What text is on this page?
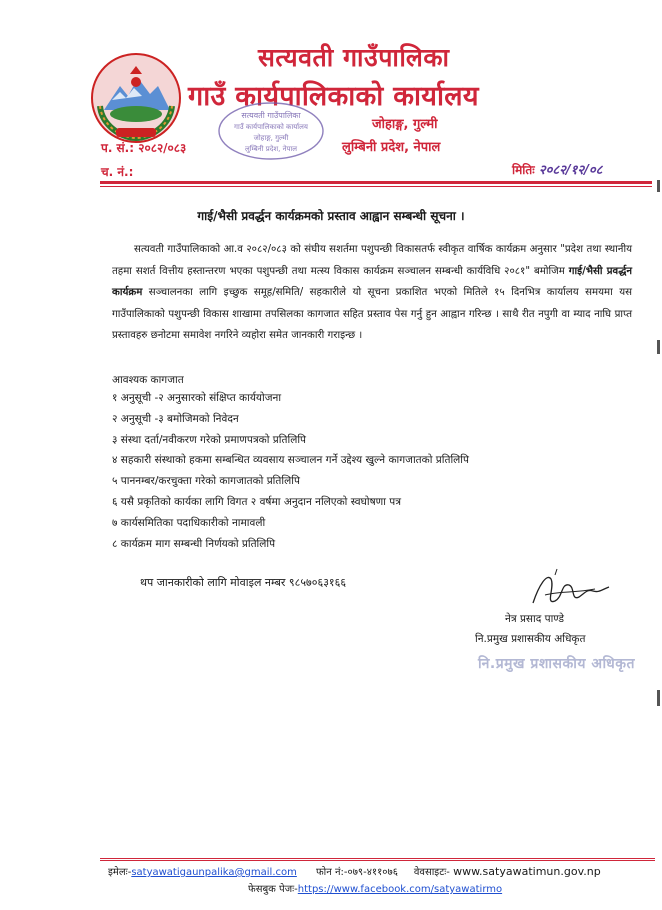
सत्यवती गाउँपालिका
गाउँ कार्यपालिकाको कार्यालय
जोहाङ्ग, गुल्मी
लुम्बिनी प्रदेश, नेपाल
प. सं.: २०८२/०८३
च. नं.:	मितिः २०८२/१२/०८
सत्यवती गाउँपालिका
गाउँ कार्यपालिकाको कार्यालय
जोहाङ्ग, गुल्मी
लुम्बिनी प्रदेश, नेपाल
गाई/भैसी प्रवर्द्धन कार्यक्रमको प्रस्ताव आह्वान सम्बन्धी सूचना ।
सत्यवती गाउँपालिकाको आ.व २०८२/०८३ को संघीय सशर्तमा पशुपन्छी विकासतर्फ स्वीकृत वार्षिक कार्यक्रम अनुसार "प्रदेश तथा स्थानीय तहमा सशर्त वित्तीय हस्तान्तरण भएका पशुपन्छी तथा मत्स्य विकास कार्यक्रम सञ्चालन सम्बन्धी कार्यविधि २०८१" बमोजिम गाई/भैसी प्रवर्द्धन कार्यक्रम सञ्चालनका लागि इच्छुक समूह/समिति/ सहकारीले यो सूचना प्रकाशित भएको मितिले १५ दिनभित्र कार्यालय समयमा यस गाउँपालिकाको पशुपन्छी विकास शाखामा तपसिलका कागजात सहित प्रस्ताव पेस गर्नु हुन आह्वान गरिन्छ । साथै रीत नपुगी वा म्याद नाघि प्राप्त प्रस्तावहरु छनोटमा समावेश नगरिने व्यहोरा समेत जानकारी गराइन्छ ।
आवश्यक कागजात
१ अनुसूची -२ अनुसारको संक्षिप्त कार्ययोजना
२ अनुसूची -३ बमोजिमको निवेदन
३ संस्था दर्ता/नवीकरण गरेको प्रमाणपत्रको प्रतिलिपि
४ सहकारी संस्थाको हकमा सम्बन्धित व्यवसाय सञ्चालन गर्ने उद्देश्य खुल्ने कागजातको प्रतिलिपि
५ पाननम्बर/करचुक्ता गरेको कागजातको प्रतिलिपि
६ यसै प्रकृतिको कार्यका लागि विगत २ वर्षमा अनुदान नलिएको स्वघोषणा पत्र
७ कार्यसमितिका पदाधिकारीको नामावली
८ कार्यक्रम माग सम्बन्धी निर्णयको प्रतिलिपि
थप जानकारीको लागि मोवाइल नम्बर ९८५७०६३१६६
नेत्र प्रसाद पाण्डे
नि.प्रमुख प्रशासकीय अधिकृत
नि.प्रमुख प्रशासकीय अधिकृत
इमेलः-satyawatigaunpalika@gmail.com फोन नं:-०७९-४११०७६ वेवसाइटः- www.satyawatimun.gov.np
फेसबुक पेजः-https://www.facebook.com/satyawatirmo
